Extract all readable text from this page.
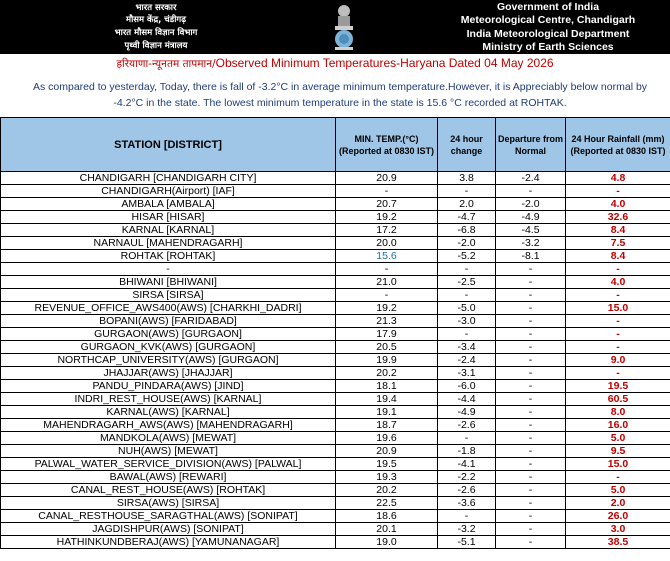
भारत सरकार
मौसम केंद्र, चंडीगढ़
भारत मौसम विज्ञान विभाग
पृथ्वी विज्ञान मंत्रालय
Government of India
Meteorological Centre, Chandigarh
India Meteorological Department
Ministry of Earth Sciences
हरियाणा-न्यूनतम तापमान/Observed Minimum Temperatures-Haryana Dated 04 May 2026
As compared to yesterday, Today, there is fall of -3.2°C in average minimum temperature.However, it is Appreciably below normal by -4.2°C in the state. The lowest minimum temperature in the state is 15.6 °C recorded at ROHTAK.
STATION [DISTRICT]	MIN. TEMP.(°C) (Reported at 0830 IST)	24 hour change	Departure from Normal	24 Hour Rainfall (mm) (Reported at 0830 IST)
CHANDIGARH [CHANDIGARH CITY]	20.9	3.8	-2.4	4.8
CHANDIGARH(Airport) [IAF]	-	-	-	-
AMBALA [AMBALA]	20.7	2.0	-2.0	4.0
HISAR [HISAR]	19.2	-4.7	-4.9	32.6
KARNAL [KARNAL]	17.2	-6.8	-4.5	8.4
NARNAUL [MAHENDRAGARH]	20.0	-2.0	-3.2	7.5
ROHTAK [ROHTAK]	15.6	-5.2	-8.1	8.4
-	-	-	-	-
BHIWANI [BHIWANI]	21.0	-2.5	-	4.0
SIRSA [SIRSA]	-	-	-	-
REVENUE_OFFICE_AWS400(AWS) [CHARKHI_DADRI]	19.2	-5.0	-	15.0
BOPANI(AWS) [FARIDABAD]	21.3	-3.0	-	-
GURGAON(AWS) [GURGAON]	17.9	-	-	-
GURGAON_KVK(AWS) [GURGAON]	20.5	-3.4	-	-
NORTHCAP_UNIVERSITY(AWS) [GURGAON]	19.9	-2.4	-	9.0
JHAJJAR(AWS) [JHAJJAR]	20.2	-3.1	-	-
PANDU_PINDARA(AWS) [JIND]	18.1	-6.0	-	19.5
INDRI_REST_HOUSE(AWS) [KARNAL]	19.4	-4.4	-	60.5
KARNAL(AWS) [KARNAL]	19.1	-4.9	-	8.0
MAHENDRAGARH_AWS(AWS) [MAHENDRAGARH]	18.7	-2.6	-	16.0
MANDKOLA(AWS) [MEWAT]	19.6	-	-	5.0
NUH(AWS) [MEWAT]	20.9	-1.8	-	9.5
PALWAL_WATER_SERVICE_DIVISION(AWS) [PALWAL]	19.5	-4.1	-	15.0
BAWAL(AWS) [REWARI]	19.3	-2.2	-	-
CANAL_REST_HOUSE(AWS) [ROHTAK]	20.2	-2.6	-	5.0
SIRSA(AWS) [SIRSA]	22.5	-3.6	-	2.0
CANAL_RESTHOUSE_SARAGTHAL(AWS) [SONIPAT]	18.6	-	-	26.0
JAGDISHPUR(AWS) [SONIPAT]	20.1	-3.2	-	3.0
HATHINKUNDBERAJ(AWS) [YAMUNANAGAR]	19.0	-5.1	-	38.5
